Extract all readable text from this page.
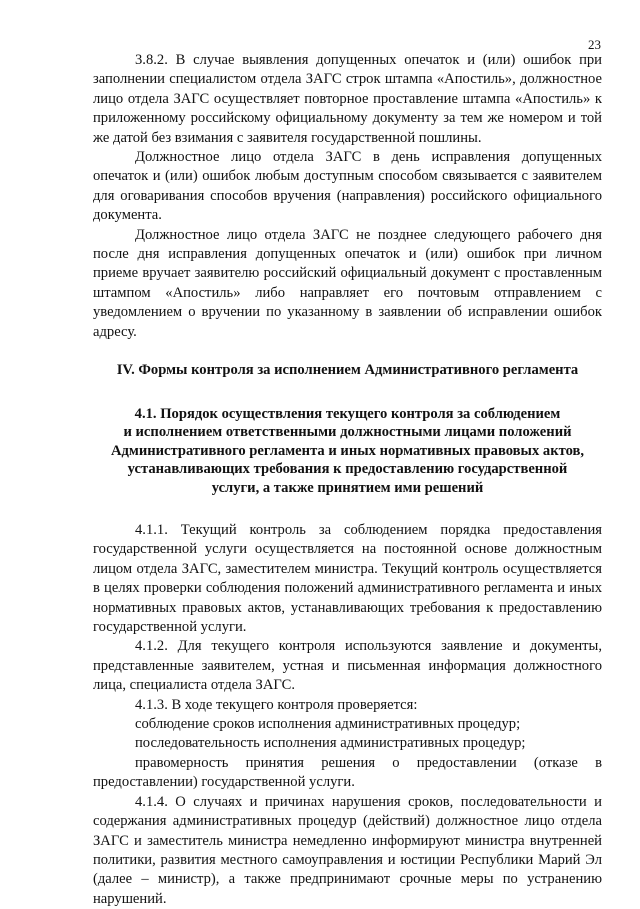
23

3.8.2. В случае выявления допущенных опечаток и (или) ошибок при заполнении специалистом отдела ЗАГС строк штампа «Апостиль», должностное лицо отдела ЗАГС осуществляет повторное проставление штампа «Апостиль» к приложенному российскому официальному документу за тем же номером и той же датой без взимания с заявителя государственной пошлины.

Должностное лицо отдела ЗАГС в день исправления допущенных опечаток и (или) ошибок любым доступным способом связывается с заявителем для оговаривания способов вручения (направления) российского официального документа.

Должностное лицо отдела ЗАГС не позднее следующего рабочего дня после дня исправления допущенных опечаток и (или) ошибок при личном приеме вручает заявителю российский официальный документ с проставленным штампом «Апостиль» либо направляет его почтовым отправлением с уведомлением о вручении по указанному в заявлении об исправлении ошибок адресу.

IV. Формы контроля за исполнением Административного регламента

4.1. Порядок осуществления текущего контроля за соблюдением
и исполнением ответственными должностными лицами положений
Административного регламента и иных нормативных правовых актов,
устанавливающих требования к предоставлению государственной
услуги, а также принятием ими решений

4.1.1. Текущий контроль за соблюдением порядка предоставления государственной услуги осуществляется на постоянной основе должностным лицом отдела ЗАГС, заместителем министра. Текущий контроль осуществляется в целях проверки соблюдения положений административного регламента и иных нормативных правовых актов, устанавливающих требования к предоставлению государственной услуги.

4.1.2. Для текущего контроля используются заявление и документы, представленные заявителем, устная и письменная информация должностного лица, специалиста отдела ЗАГС.

4.1.3. В ходе текущего контроля проверяется:

соблюдение сроков исполнения административных процедур;

последовательность исполнения административных процедур;

правомерность принятия решения о предоставлении (отказе в предоставлении) государственной услуги.

4.1.4. О случаях и причинах нарушения сроков, последовательности и содержания административных процедур (действий) должностное лицо отдела ЗАГС и заместитель министра немедленно информируют министра внутренней политики, развития местного самоуправления и юстиции Республики Марий Эл (далее – министр), а также предпринимают срочные меры по устранению нарушений.
